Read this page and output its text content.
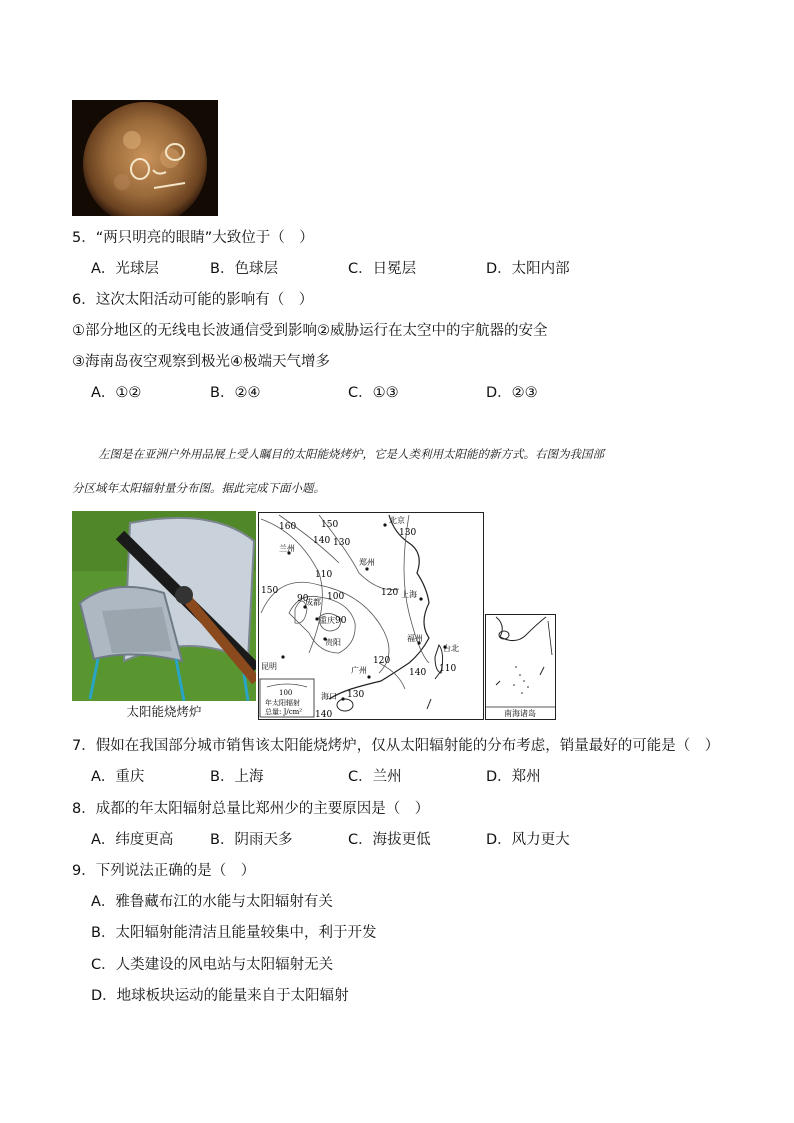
5．“两只明亮的眼睛”大致位于（　）
A．光球层	B．色球层	C．日冕层	D．太阳内部
6．这次太阳活动可能的影响有（　）
①部分地区的无线电长波通信受到影响②威胁运行在太空中的宇航器的安全
③海南岛夜空观察到极光④极端天气增多
A．①②	B．②④	C．①③	D．②③
左图是在亚洲户外用品展上受人瞩目的太阳能烧烤炉，它是人类利用太阳能的新方式。右图为我国部
分区域年太阳辐射量分布图。据此完成下面小题。
太阳能烧烤炉
160	150
140 130
130
110
100
90
90
120
150
120
140 110
130
140
北京
兰州
郑州
成都
重庆
上海
贵阳	福州
台北
昆明	广州
海口
100
年太阳辐射
总量: J/cm²	南海诸岛
7．假如在我国部分城市销售该太阳能烧烤炉，仅从太阳辐射能的分布考虑，销量最好的可能是（　）
A．重庆	B．上海	C．兰州	D．郑州
8．成都的年太阳辐射总量比郑州少的主要原因是（　）
A．纬度更高	B．阴雨天多	C．海拔更低	D．风力更大
9．下列说法正确的是（　）
A．雅鲁藏布江的水能与太阳辐射有关
B．太阳辐射能清洁且能量较集中，利于开发
C．人类建设的风电站与太阳辐射无关
D．地球板块运动的能量来自于太阳辐射
